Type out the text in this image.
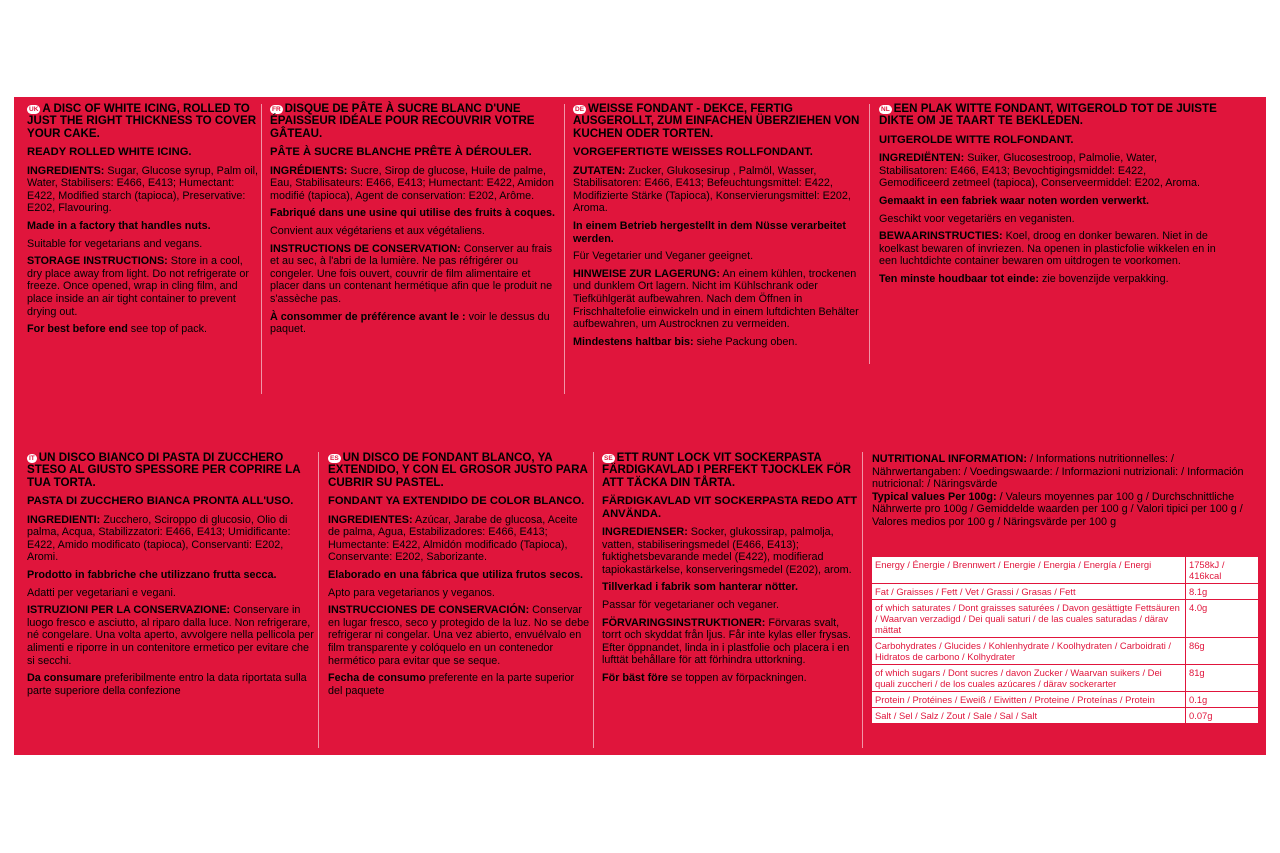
UK A DISC OF WHITE ICING, ROLLED TO JUST THE RIGHT THICKNESS TO COVER YOUR CAKE.
READY ROLLED WHITE ICING.

INGREDIENTS: Sugar, Glucose syrup, Palm oil, Water, Stabilisers: E466, E413; Humectant: E422, Modified starch (tapioca), Preservative: E202, Flavouring.

Made in a factory that handles nuts.

Suitable for vegetarians and vegans.

STORAGE INSTRUCTIONS: Store in a cool, dry place away from light. Do not refrigerate or freeze. Once opened, wrap in cling film, and place inside an air tight container to prevent drying out.

For best before end see top of pack.

FR DISQUE DE PÂTE À SUCRE BLANC D'UNE ÉPAISSEUR IDÉALE POUR RECOUVRIR VOTRE GÂTEAU.
PÂTE À SUCRE BLANCHE PRÊTE À DÉROULER.

INGRÉDIENTS: Sucre, Sirop de glucose, Huile de palme, Eau, Stabilisateurs: E466, E413; Humectant: E422, Amidon modifié (tapioca), Agent de conservation: E202, Arôme.

Fabriqué dans une usine qui utilise des fruits à coques.

Convient aux végétariens et aux végétaliens.

INSTRUCTIONS DE CONSERVATION: Conserver au frais et au sec, à l'abri de la lumière. Ne pas réfrigérer ou congeler. Une fois ouvert, couvrir de film alimentaire et placer dans un contenant hermétique afin que le produit ne s'assèche pas.

À consommer de préférence avant le : voir le dessus du paquet.

DE WEISSE FONDANT - DEKCE, FERTIG AUSGEROLLT, ZUM EINFACHEN ÜBERZIEHEN VON KUCHEN ODER TORTEN.
VORGEFERTIGTE WEISSES ROLLFONDANT.

ZUTATEN: Zucker, Glukosesirup , Palmöl, Wasser, Stabilisatoren: E466, E413; Befeuchtungsmittel: E422, Modifizierte Stärke (Tapioca), Konservierungsmittel: E202, Aroma.

In einem Betrieb hergestellt in dem Nüsse verarbeitet werden.

Für Vegetarier und Veganer geeignet.

HINWEISE ZUR LAGERUNG: An einem kühlen, trockenen und dunklem Ort lagern. Nicht im Kühlschrank oder Tiefkühlgerät aufbewahren. Nach dem Öffnen in Frischhaltefolie einwickeln und in einem luftdichten Behälter aufbewahren, um Austrocknen zu vermeiden.

Mindestens haltbar bis: siehe Packung oben.

NL EEN PLAK WITTE FONDANT, WITGEROLD TOT DE JUISTE DIKTE OM JE TAART TE BEKLEDEN.
UITGEROLDE WITTE ROLFONDANT.

INGREDIËNTEN: Suiker, Glucosestroop, Palmolie, Water, Stabilisatoren: E466, E413; Bevochtigingsmiddel: E422, Gemodificeerd zetmeel (tapioca), Conserveermiddel: E202, Aroma.

Gemaakt in een fabriek waar noten worden verwerkt.

Geschikt voor vegetariërs en veganisten.

BEWAARINSTRUCTIES: Koel, droog en donker bewaren. Niet in de koelkast bewaren of invriezen. Na openen in plasticfolie wikkelen en in een luchtdichte container bewaren om uitdrogen te voorkomen.

Ten minste houdbaar tot einde: zie bovenzijde verpakking.

IT UN DISCO BIANCO DI PASTA DI ZUCCHERO STESO AL GIUSTO SPESSORE PER COPRIRE LA TUA TORTA.
PASTA DI ZUCCHERO BIANCA PRONTA ALL'USO.

INGREDIENTI: Zucchero, Sciroppo di glucosio, Olio di palma, Acqua, Stabilizzatori: E466, E413; Umidificante: E422, Amido modificato (tapioca), Conservanti: E202, Aromi.

Prodotto in fabbriche che utilizzano frutta secca.

Adatti per vegetariani e vegani.

ISTRUZIONI PER LA CONSERVAZIONE: Conservare in luogo fresco e asciutto, al riparo dalla luce. Non refrigerare, né congelare. Una volta aperto, avvolgere nella pellicola per alimenti e riporre in un contenitore ermetico per evitare che si secchi.

Da consumare preferibilmente entro la data riportata sulla parte superiore della confezione

ES UN DISCO DE FONDANT BLANCO, YA EXTENDIDO, Y CON EL GROSOR JUSTO PARA CUBRIR SU PASTEL.
FONDANT YA EXTENDIDO DE COLOR BLANCO.

INGREDIENTES: Azúcar, Jarabe de glucosa, Aceite de palma, Agua, Estabilizadores: E466, E413; Humectante: E422, Almidón modificado (Tapioca), Conservante: E202, Saborizante.

Elaborado en una fábrica que utiliza frutos secos.

Apto para vegetarianos y veganos.

INSTRUCCIONES DE CONSERVACIÓN: Conservar en lugar fresco, seco y protegido de la luz. No se debe refrigerar ni congelar. Una vez abierto, envuélvalo en film transparente y colóquelo en un contenedor hermético para evitar que se seque.

Fecha de consumo preferente en la parte superior del paquete

SE ETT RUNT LOCK VIT SOCKERPASTA FÄRDIGKAVLAD I PERFEKT TJOCKLEK FÖR ATT TÄCKA DIN TÅRTA.
FÄRDIGKAVLAD VIT SOCKERPASTA REDO ATT ANVÄNDA.

INGREDIENSER: Socker, glukossirap, palmolja, vatten, stabiliseringsmedel (E466, E413); fuktighetsbevarande medel (E422), modifierad tapiokastärkelse, konserveringsmedel (E202), arom.

Tillverkad i fabrik som hanterar nötter.

Passar för vegetarianer och veganer.

FÖRVARINGSINSTRUKTIONER: Förvaras svalt, torrt och skyddat från ljus. Får inte kylas eller frysas. Efter öppnandet, linda in i plastfolie och placera i en lufttät behållare för att förhindra uttorkning.

För bäst före se toppen av förpackningen.

NUTRITIONAL INFORMATION: / Informations nutritionnelles: / Nährwertangaben: / Voedingswaarde: / Informazioni nutrizionali: / Información nutricional: / Näringsvärde
Typical values Per 100g: / Valeurs moyennes par 100 g / Durchschnittliche Nährwerte pro 100g / Gemiddelde waarden per 100 g / Valori tipici per 100 g / Valores medios por 100 g / Näringsvärde per 100 g
Energy / Énergie / Brennwert / Energie / Energia / Energía / Energi	1758kJ / 416kcal
Fat / Graisses / Fett / Vet / Grassi / Grasas / Fett	8.1g
of which saturates / Dont graisses saturées / Davon gesättigte Fettsäuren / Waarvan verzadigd / Dei quali saturi / de las cuales saturadas / därav mättat	4.0g
Carbohydrates / Glucides / Kohlenhydrate / Koolhydraten / Carboidrati / Hidratos de carbono / Kolhydrater	86g
of which sugars / Dont sucres / davon Zucker / Waarvan suikers / Dei quali zuccheri / de los cuales azúcares / därav sockerarter	81g
Protein / Protéines / Eweiß / Eiwitten / Proteine / Proteínas / Protein	0.1g
Salt / Sel / Salz / Zout / Sale / Sal / Salt	0.07g
